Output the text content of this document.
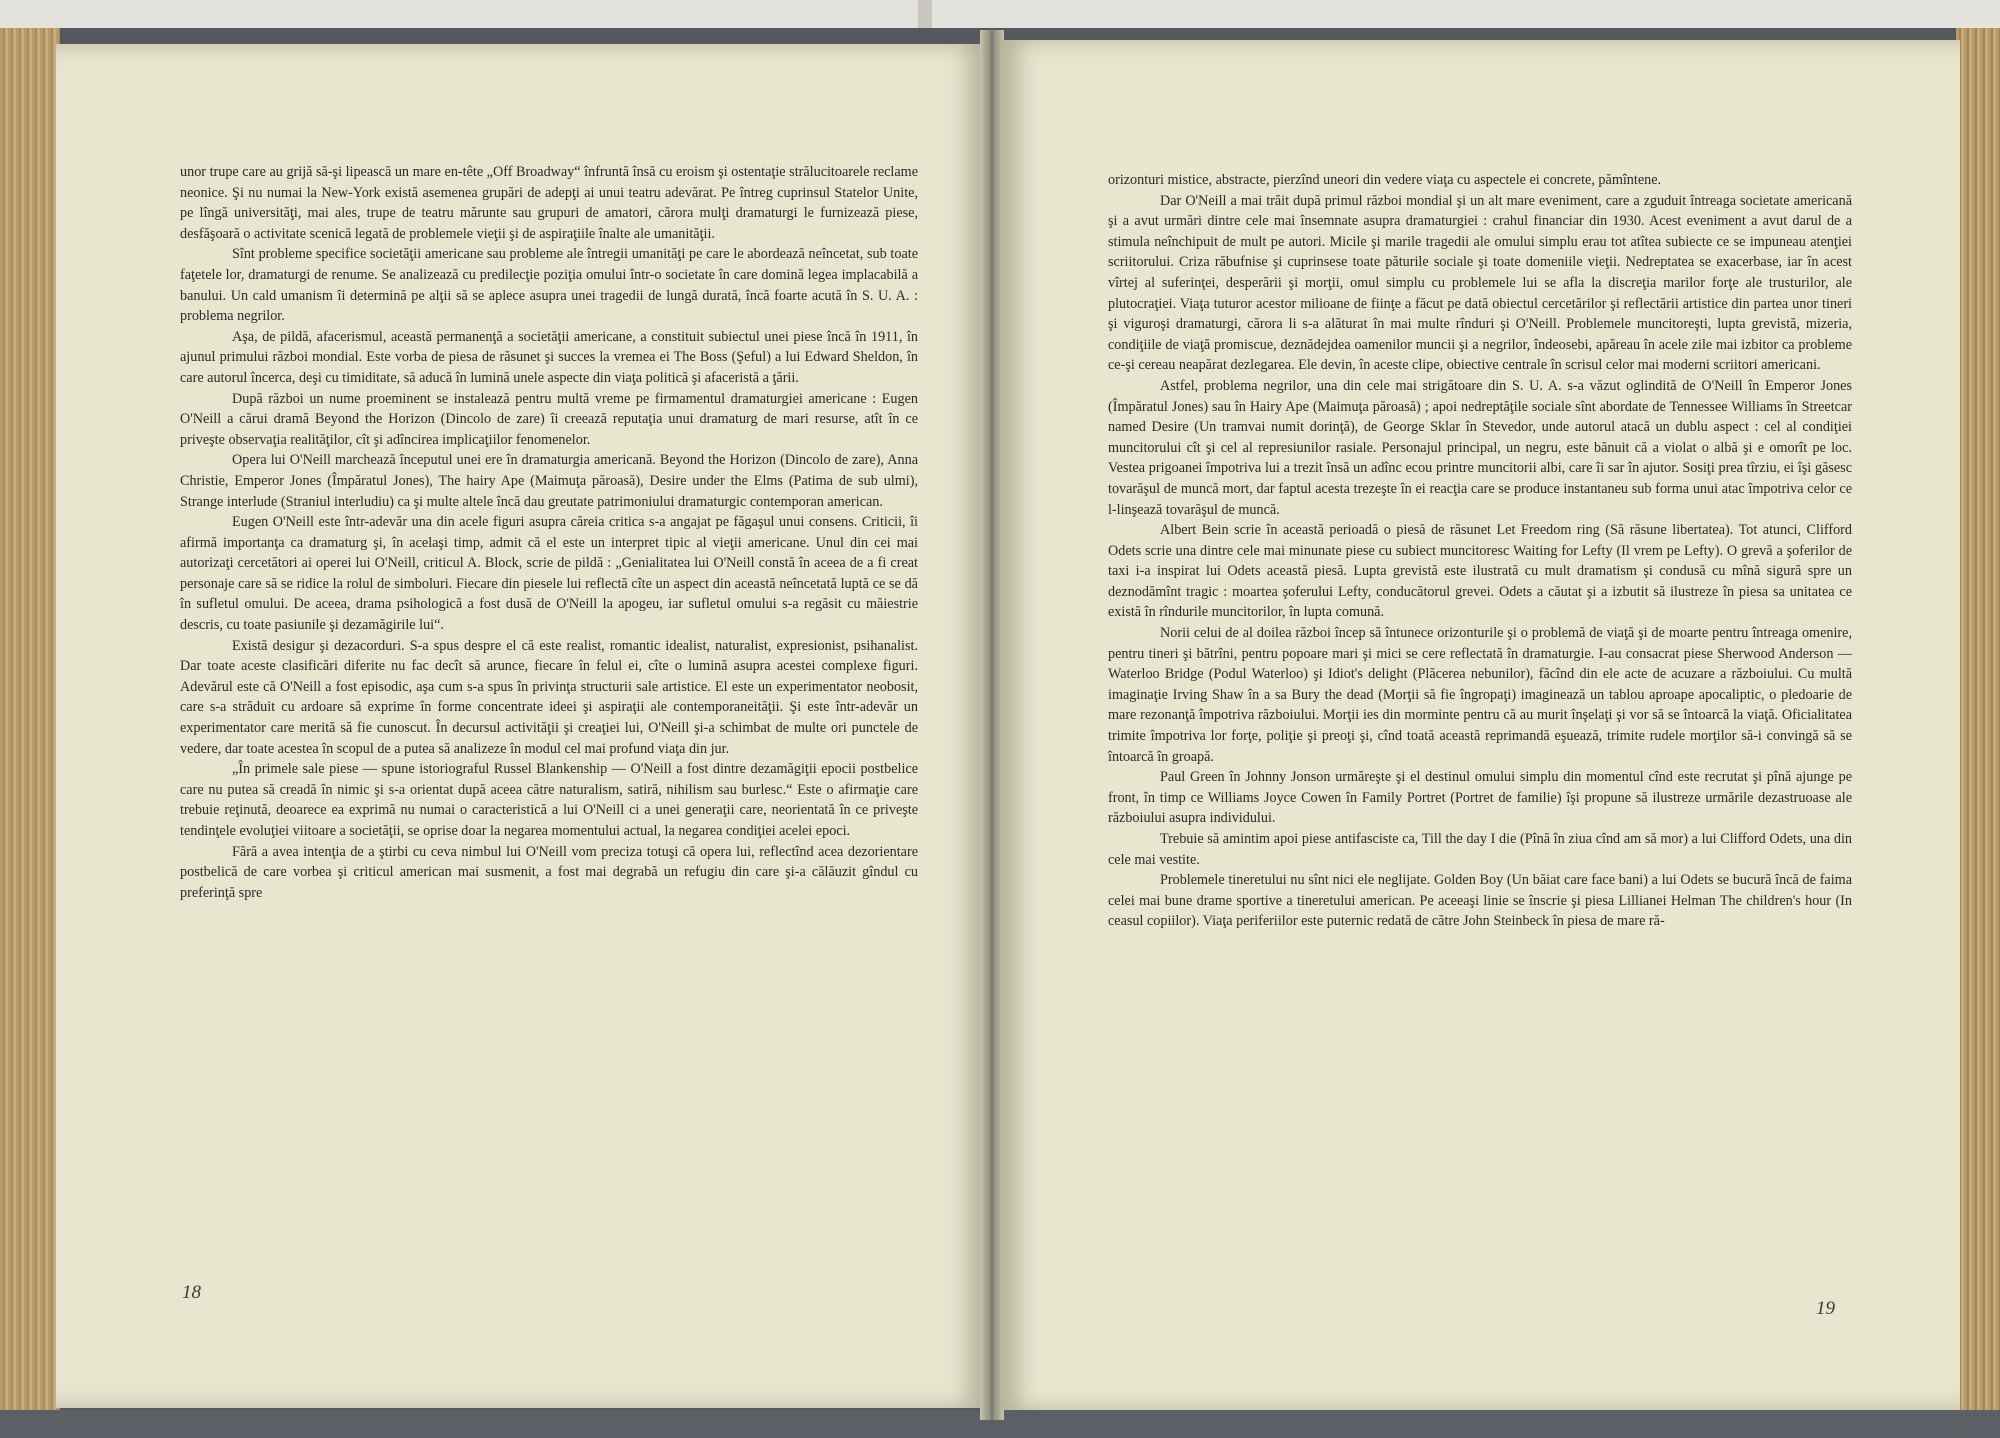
unor trupe care au grijă să-şi lipească un mare en-tête „Off Broadway“ înfruntă însă cu eroism şi ostentaţie strălucitoarele reclame neonice. Şi nu numai la New-York există asemenea grupări de adepţi ai unui teatru adevărat. Pe întreg cuprinsul Statelor Unite, pe lîngă universităţi, mai ales, trupe de teatru mărunte sau grupuri de amatori, cărora mulţi dramaturgi le furnizează piese, desfăşoară o activitate scenică legată de problemele vieţii şi de aspiraţiile înalte ale umanităţii.

Sînt probleme specifice societăţii americane sau probleme ale întregii umanităţi pe care le abordează neîncetat, sub toate faţetele lor, dramaturgi de renume. Se analizează cu predilecţie poziţia omului într-o societate în care domină legea implacabilă a banului. Un cald umanism îi determină pe alţii să se aplece asupra unei tragedii de lungă durată, încă foarte acută în S. U. A. : problema negrilor.

Aşa, de pildă, afacerismul, această permanenţă a societăţii americane, a constituit subiectul unei piese încă în 1911, în ajunul primului război mondial. Este vorba de piesa de răsunet şi succes la vremea ei The Boss (Şeful) a lui Edward Sheldon, în care autorul încerca, deşi cu timiditate, să aducă în lumină unele aspecte din viaţa politică şi afaceristă a ţării.

După război un nume proeminent se instalează pentru multă vreme pe firmamentul dramaturgiei americane : Eugen O'Neill a cărui dramă Beyond the Horizon (Dincolo de zare) îi creează reputaţia unui dramaturg de mari resurse, atît în ce priveşte observaţia realităţilor, cît şi adîncirea implicaţiilor fenomenelor.

Opera lui O'Neill marchează începutul unei ere în dramaturgia americană. Beyond the Horizon (Dincolo de zare), Anna Christie, Emperor Jones (Împăratul Jones), The hairy Ape (Maimuţa păroasă), Desire under the Elms (Patima de sub ulmi), Strange interlude (Straniul interludiu) ca şi multe altele încă dau greutate patrimoniului dramaturgic contemporan american.

Eugen O'Neill este într-adevăr una din acele figuri asupra căreia critica s-a angajat pe făgaşul unui consens. Criticii, îi afirmă importanţa ca dramaturg şi, în acelaşi timp, admit că el este un interpret tipic al vieţii americane. Unul din cei mai autorizaţi cercetători ai operei lui O'Neill, criticul A. Block, scrie de pildă : „Genialitatea lui O'Neill constă în aceea de a fi creat personaje care să se ridice la rolul de simboluri. Fiecare din piesele lui reflectă cîte un aspect din această neîncetată luptă ce se dă în sufletul omului. De aceea, drama psihologică a fost dusă de O'Neill la apogeu, iar sufletul omului s-a regăsit cu măiestrie descris, cu toate pasiunile şi dezamăgirile lui“.

Există desigur şi dezacorduri. S-a spus despre el că este realist, romantic idealist, naturalist, expresionist, psihanalist. Dar toate aceste clasificări diferite nu fac decît să arunce, fiecare în felul ei, cîte o lumină asupra acestei complexe figuri. Adevărul este că O'Neill a fost episodic, aşa cum s-a spus în privinţa structurii sale artistice. El este un experimentator neobosit, care s-a străduit cu ardoare să exprime în forme concentrate ideei şi aspiraţii ale contemporaneităţii. Şi este într-adevăr un experimentator care merită să fie cunoscut. În decursul activităţii şi creaţiei lui, O'Neill şi-a schimbat de multe ori punctele de vedere, dar toate acestea în scopul de a putea să analizeze în modul cel mai profund viaţa din jur.

„În primele sale piese — spune istoriograful Russel Blankenship — O'Neill a fost dintre dezamăgiţii epocii postbelice care nu putea să creadă în nimic şi s-a orientat după aceea către naturalism, satiră, nihilism sau burlesc.“ Este o afirmaţie care trebuie reţinută, deoarece ea exprimă nu numai o caracteristică a lui O'Neill ci a unei generaţii care, neorientată în ce priveşte tendinţele evoluţiei viitoare a societăţii, se oprise doar la negarea momentului actual, la negarea condiţiei acelei epoci.

Fără a avea intenţia de a ştirbi cu ceva nimbul lui O'Neill vom preciza totuşi că opera lui, reflectînd acea dezorientare postbelică de care vorbea şi criticul american mai susmenit, a fost mai degrabă un refugiu din care şi-a călăuzit gîndul cu preferinţă spre

18

orizonturi mistice, abstracte, pierzînd uneori din vedere viaţa cu aspectele ei concrete, pămîntene.

Dar O'Neill a mai trăit după primul război mondial şi un alt mare eveniment, care a zguduit întreaga societate americană şi a avut urmări dintre cele mai însemnate asupra dramaturgiei : crahul financiar din 1930. Acest eveniment a avut darul de a stimula neînchipuit de mult pe autori. Micile şi marile tragedii ale omului simplu erau tot atîtea subiecte ce se impuneau atenţiei scriitorului. Criza răbufnise şi cuprinsese toate păturile sociale şi toate domeniile vieţii. Nedreptatea se exacerbase, iar în acest vîrtej al suferinţei, desperării şi morţii, omul simplu cu problemele lui se afla la discreţia marilor forţe ale trusturilor, ale plutocraţiei. Viaţa tuturor acestor milioane de fiinţe a făcut pe dată obiectul cercetărilor şi reflectării artistice din partea unor tineri şi viguroşi dramaturgi, cărora li s-a alăturat în mai multe rînduri şi O'Neill. Problemele muncitoreşti, lupta grevistă, mizeria, condiţiile de viaţă promiscue, deznădejdea oamenilor muncii şi a negrilor, îndeosebi, apăreau în acele zile mai izbitor ca probleme ce-şi cereau neapărat dezlegarea. Ele devin, în aceste clipe, obiective centrale în scrisul celor mai moderni scriitori americani.

Astfel, problema negrilor, una din cele mai strigătoare din S. U. A. s-a văzut oglindită de O'Neill în Emperor Jones (Împăratul Jones) sau în Hairy Ape (Maimuţa păroasă) ; apoi nedreptăţile sociale sînt abordate de Tennessee Williams în Streetcar named Desire (Un tramvai numit dorinţă), de George Sklar în Stevedor, unde autorul atacă un dublu aspect : cel al condiţiei muncitorului cît şi cel al represiunilor rasiale. Personajul principal, un negru, este bănuit că a violat o albă şi e omorît pe loc. Vestea prigoanei împotriva lui a trezit însă un adînc ecou printre muncitorii albi, care îi sar în ajutor. Sosiţi prea tîrziu, ei îşi găsesc tovarăşul de muncă mort, dar faptul acesta trezeşte în ei reacţia care se produce instantaneu sub forma unui atac împotriva celor ce l-linşează tovarăşul de muncă.

Albert Bein scrie în această perioadă o piesă de răsunet Let Freedom ring (Să răsune libertatea). Tot atunci, Clifford Odets scrie una dintre cele mai minunate piese cu subiect muncitoresc Waiting for Lefty (Il vrem pe Lefty). O grevă a şoferilor de taxi i-a inspirat lui Odets această piesă. Lupta grevistă este ilustrată cu mult dramatism şi condusă cu mînă sigură spre un deznodămînt tragic : moartea şoferului Lefty, conducătorul grevei. Odets a căutat şi a izbutit să ilustreze în piesa sa unitatea ce există în rîndurile muncitorilor, în lupta comună.

Norii celui de al doilea război încep să întunece orizonturile şi o problemă de viaţă şi de moarte pentru întreaga omenire, pentru tineri şi bătrîni, pentru popoare mari şi mici se cere reflectată în dramaturgie. I-au consacrat piese Sherwood Anderson — Waterloo Bridge (Podul Waterloo) şi Idiot's delight (Plăcerea nebunilor), făcînd din ele acte de acuzare a războiului. Cu multă imaginaţie Irving Shaw în a sa Bury the dead (Morţii să fie îngropaţi) imaginează un tablou aproape apocaliptic, o pledoarie de mare rezonanţă împotriva războiului. Morţii ies din morminte pentru că au murit înşelaţi şi vor să se întoarcă la viaţă. Oficialitatea trimite împotriva lor forţe, poliţie şi preoţi şi, cînd toată această reprimandă eşuează, trimite rudele morţilor să-i convingă să se întoarcă în groapă.

Paul Green în Johnny Jonson urmăreşte şi el destinul omului simplu din momentul cînd este recrutat şi pînă ajunge pe front, în timp ce Williams Joyce Cowen în Family Portret (Portret de familie) îşi propune să ilustreze urmările dezastruoase ale războiului asupra individului.

Trebuie să amintim apoi piese antifasciste ca, Till the day I die (Pînă în ziua cînd am să mor) a lui Clifford Odets, una din cele mai vestite.

Problemele tineretului nu sînt nici ele neglijate. Golden Boy (Un băiat care face bani) a lui Odets se bucură încă de faima celei mai bune drame sportive a tineretului american. Pe aceeaşi linie se înscrie şi piesa Lillianei Helman The children's hour (In ceasul copiilor). Viaţa periferiilor este puternic redată de către John Steinbeck în piesa de mare ră-

19
